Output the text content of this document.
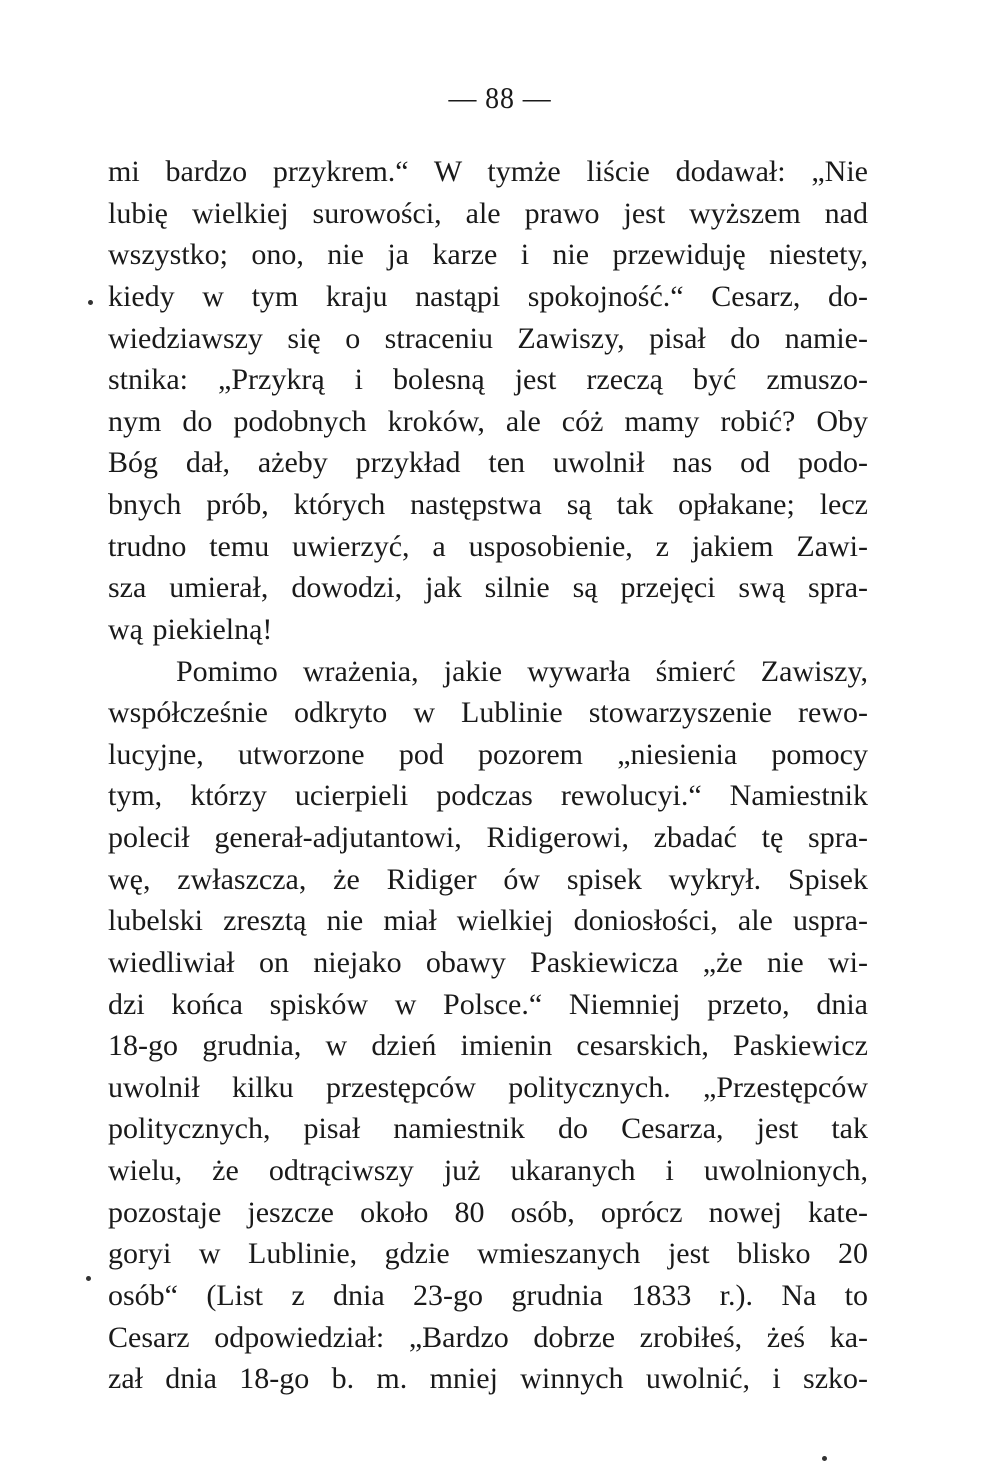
— 88 —
mi bardzo przykrem.“ W tymże liście dodawał: „Nie
lubię wielkiej surowości, ale prawo jest wyższem nad
wszystko; ono, nie ja karze i nie przewiduję niestety,
kiedy w tym kraju nastąpi spokojność.“ Cesarz, do-
wiedziawszy się o straceniu Zawiszy, pisał do namie-
stnika: „Przykrą i bolesną jest rzeczą być zmuszo-
nym do podobnych kroków, ale cóż mamy robić? Oby
Bóg dał, ażeby przykład ten uwolnił nas od podo-
bnych prób, których następstwa są tak opłakane; lecz
trudno temu uwierzyć, a usposobienie, z jakiem Zawi-
sza umierał, dowodzi, jak silnie są przejęci swą spra-
wą piekielną!
Pomimo wrażenia, jakie wywarła śmierć Zawiszy,
współcześnie odkryto w Lublinie stowarzyszenie rewo-
lucyjne, utworzone pod pozorem „niesienia pomocy
tym, którzy ucierpieli podczas rewolucyi.“ Namiestnik
polecił generał-adjutantowi, Ridigerowi, zbadać tę spra-
wę, zwłaszcza, że Ridiger ów spisek wykrył. Spisek
lubelski zresztą nie miał wielkiej doniosłości, ale uspra-
wiedliwiał on niejako obawy Paskiewicza „że nie wi-
dzi końca spisków w Polsce.“ Niemniej przeto, dnia
18-go grudnia, w dzień imienin cesarskich, Paskiewicz
uwolnił kilku przestępców politycznych. „Przestępców
politycznych, pisał namiestnik do Cesarza, jest tak
wielu, że odtrąciwszy już ukaranych i uwolnionych,
pozostaje jeszcze około 80 osób, oprócz nowej kate-
goryi w Lublinie, gdzie wmieszanych jest blisko 20
osób“ (List z dnia 23-go grudnia 1833 r.). Na to
Cesarz odpowiedział: „Bardzo dobrze zrobiłeś, żeś ka-
zał dnia 18-go b. m. mniej winnych uwolnić, i szko-
